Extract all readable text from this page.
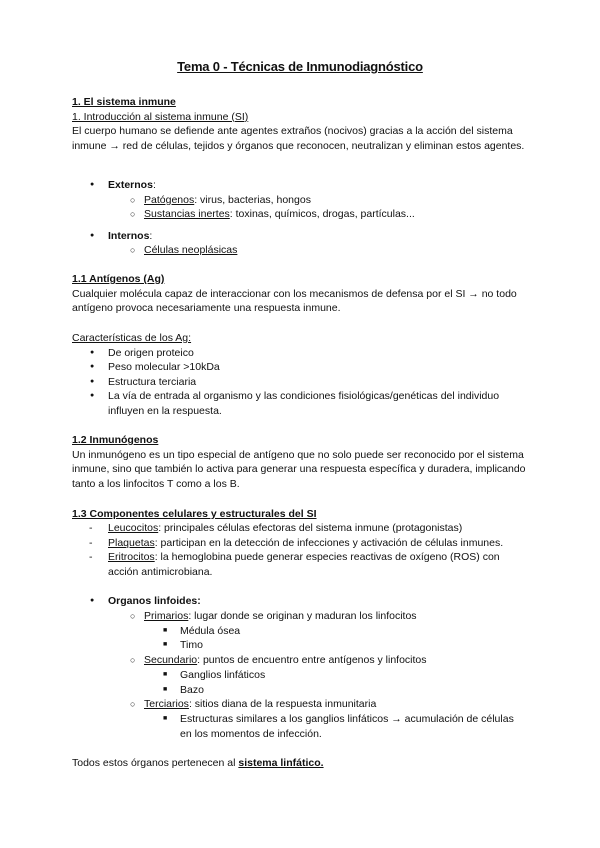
Tema 0 - Técnicas de Inmunodiagnóstico
1. El sistema inmune
1. Introducción al sistema inmune (SI)
El cuerpo humano se defiende ante agentes extraños (nocivos) gracias a la acción del sistema inmune → red de células, tejidos y órganos que reconocen, neutralizan y eliminan estos agentes.
● Externos:
○ Patógenos: virus, bacterias, hongos
○ Sustancias inertes: toxinas, químicos, drogas, partículas...
● Internos:
○ Células neoplásicas
1.1 Antígenos (Ag)
Cualquier molécula capaz de interaccionar con los mecanismos de defensa por el SI → no todo antígeno provoca necesariamente una respuesta inmune.
Características de los Ag:
● De origen proteico
● Peso molecular >10kDa
● Estructura terciaria
● La vía de entrada al organismo y las condiciones fisiológicas/genéticas del individuo influyen en la respuesta.
1.2 Inmunógenos
Un inmunógeno es un tipo especial de antígeno que no solo puede ser reconocido por el sistema inmune, sino que también lo activa para generar una respuesta específica y duradera, implicando tanto a los linfocitos T como a los B.
1.3 Componentes celulares y estructurales del SI
- Leucocitos: principales células efectoras del sistema inmune (protagonistas)
- Plaquetas: participan en la detección de infecciones y activación de células inmunes.
- Eritrocitos: la hemoglobina puede generar especies reactivas de oxígeno (ROS) con acción antimicrobiana.
● Organos linfoides:
○ Primarios: lugar donde se originan y maduran los linfocitos
■ Médula ósea
■ Timo
○ Secundario: puntos de encuentro entre antígenos y linfocitos
■ Ganglios linfáticos
■ Bazo
○ Terciarios: sitios diana de la respuesta inmunitaria
■ Estructuras similares a los ganglios linfáticos → acumulación de células en los momentos de infección.
Todos estos órganos pertenecen al sistema linfático.
